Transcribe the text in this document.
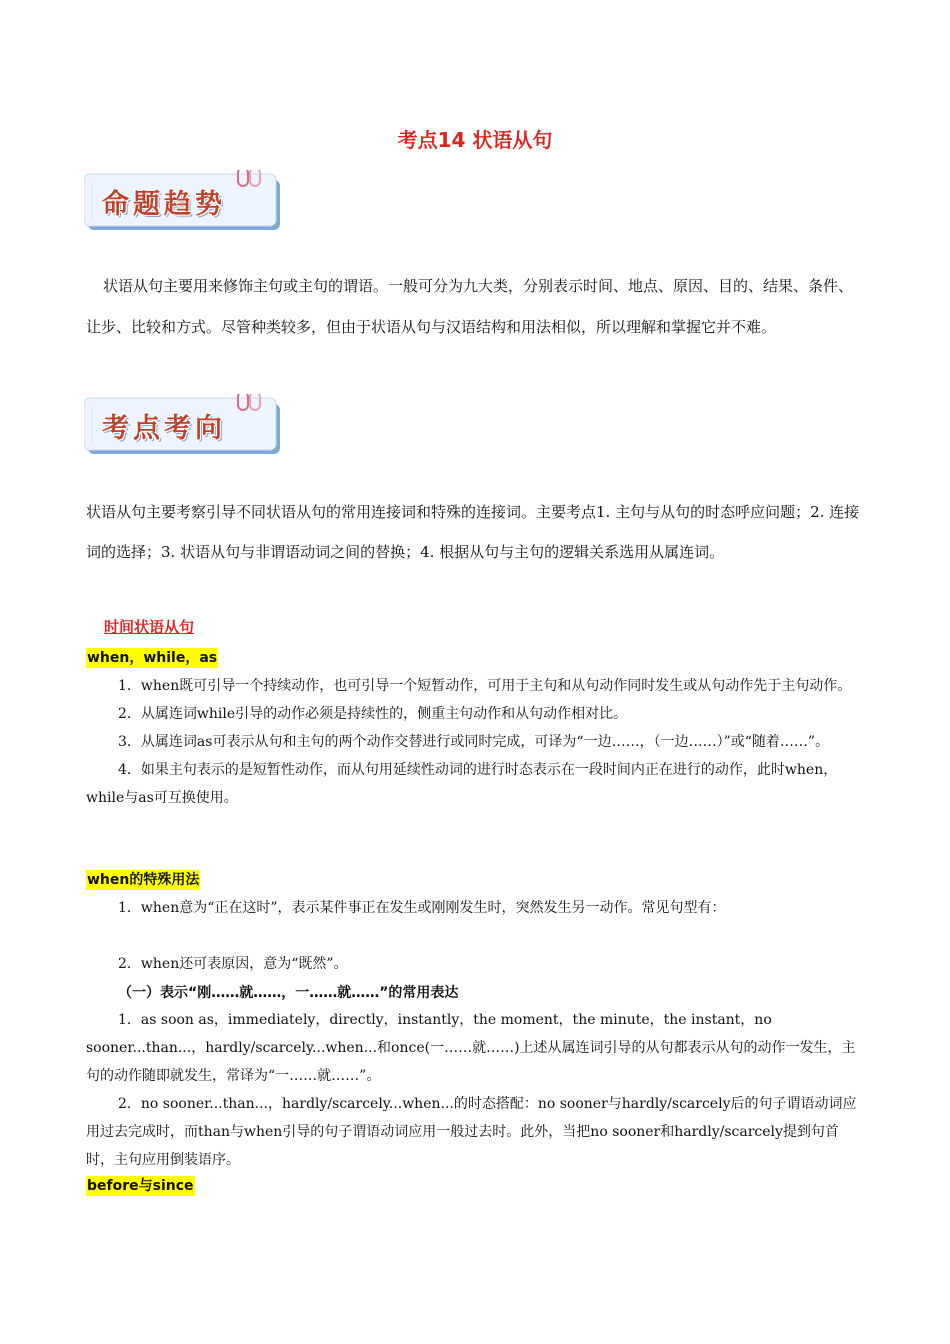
考点14 状语从句
命题趋势
状语从句主要用来修饰主句或主句的谓语。一般可分为九大类，分别表示时间、地点、原因、目的、结果、条件、让步、比较和方式。尽管种类较多，但由于状语从句与汉语结构和用法相似，所以理解和掌握它并不难。
考点考向
状语从句主要考察引导不同状语从句的常用连接词和特殊的连接词。主要考点1. 主句与从句的时态呼应问题；2. 连接词的选择；3. 状语从句与非谓语动词之间的替换；4. 根据从句与主句的逻辑关系选用从属连词。
时间状语从句
when，while，as
1．when既可引导一个持续动作，也可引导一个短暂动作，可用于主句和从句动作同时发生或从句动作先于主句动作。
2．从属连词while引导的动作必须是持续性的，侧重主句动作和从句动作相对比。
3．从属连词as可表示从句和主句的两个动作交替进行或同时完成，可译为“一边……，（一边……）”或“随着……”。
4．如果主句表示的是短暂性动作，而从句用延续性动词的进行时态表示在一段时间内正在进行的动作，此时when，while与as可互换使用。
when的特殊用法
1．when意为“正在这时”，表示某件事正在发生或刚刚发生时，突然发生另一动作。常见句型有：
2．when还可表原因，意为“既然”。
（一）表示“刚……就……，一……就……”的常用表达
1．as soon as，immediately，directly，instantly，the moment，the minute，the instant，no sooner...than...，hardly/scarcely...when...和once(一……就……)上述从属连词引导的从句都表示从句的动作一发生，主句的动作随即就发生，常译为“一……就……”。
2．no sooner...than...，hardly/scarcely...when...的时态搭配：no sooner与hardly/scarcely后的句子谓语动词应用过去完成时，而than与when引导的句子谓语动词应用一般过去时。此外，当把no sooner和hardly/scarcely提到句首时，主句应用倒装语序。
before与since
